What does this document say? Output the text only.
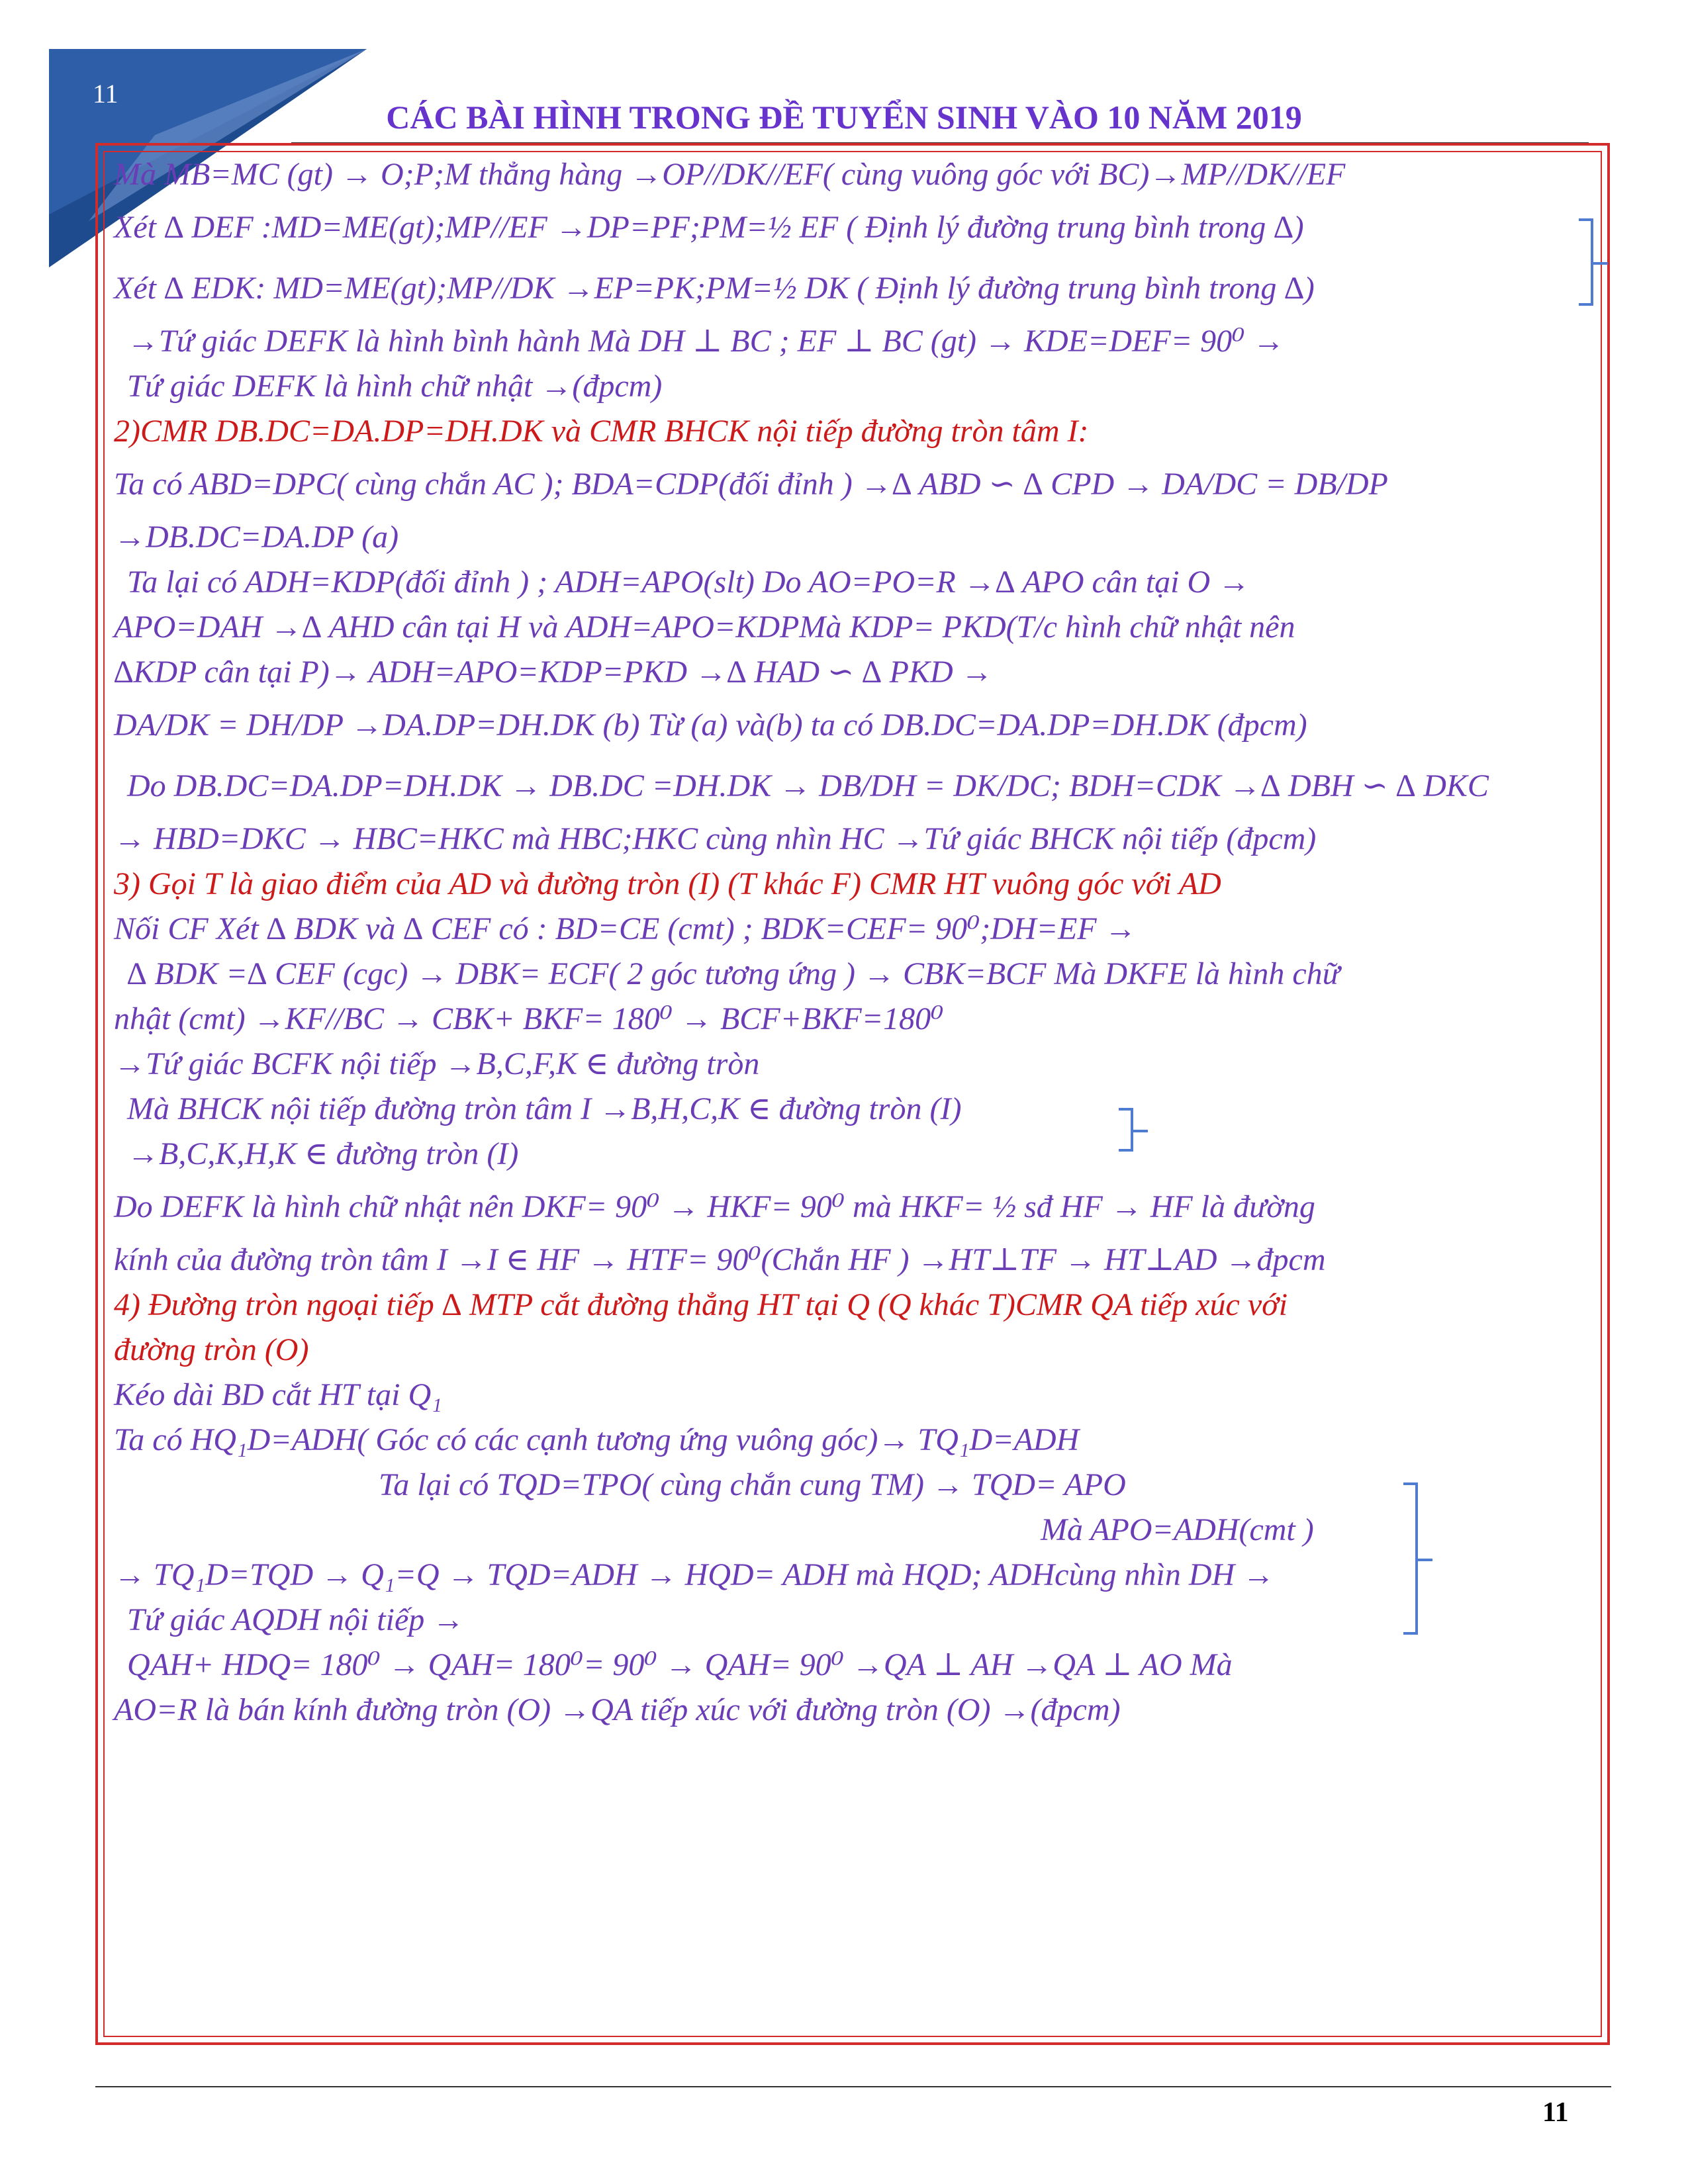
11
CÁC BÀI HÌNH TRONG ĐỀ TUYỂN SINH VÀO 10 NĂM 2019
Mà MB=MC (gt) → O;P;M thẳng hàng →OP//DK//EF( cùng vuông góc với BC)→MP//DK//EF
Xét ∆ DEF :MD=ME(gt);MP//EF →DP=PF;PM=½ EF ( Định lý đường trung bình trong ∆)
Xét ∆ EDK: MD=ME(gt);MP//DK →EP=PK;PM=½ DK ( Định lý đường trung bình trong ∆)
→Tứ giác DEFK là hình bình hành Mà DH ⊥ BC ; EF ⊥ BC (gt) → KDE=DEF= 90⁰ →
Tứ giác DEFK là hình chữ nhật →(đpcm)
2)CMR DB.DC=DA.DP=DH.DK và CMR BHCK nội tiếp đường tròn tâm I:
Ta có ABD=DPC( cùng chắn AC ); BDA=CDP(đối đỉnh ) →∆ ABD ∽ ∆ CPD → DA/DC = DB/DP
→DB.DC=DA.DP (a)
Ta lại có ADH=KDP(đối đỉnh ) ; ADH=APO(slt) Do AO=PO=R →∆ APO cân tại O →
APO=DAH →∆ AHD cân tại H và ADH=APO=KDPMà KDP= PKD(T/c hình chữ nhật nên
∆KDP cân tại P)→ ADH=APO=KDP=PKD →∆ HAD ∽ ∆ PKD →
DA/DK = DH/DP →DA.DP=DH.DK (b) Từ (a) và(b) ta có DB.DC=DA.DP=DH.DK (đpcm)
Do DB.DC=DA.DP=DH.DK → DB.DC =DH.DK → DB/DH = DK/DC; BDH=CDK →∆ DBH ∽ ∆ DKC
→ HBD=DKC → HBC=HKC mà HBC;HKC cùng nhìn HC →Tứ giác BHCK nội tiếp (đpcm)
3) Gọi T là giao điểm của AD và đường tròn (I) (T khác F) CMR HT vuông góc với AD
Nối CF Xét ∆ BDK và ∆ CEF có : BD=CE (cmt) ; BDK=CEF= 90⁰;DH=EF →
∆ BDK =∆ CEF (cgc) → DBK= ECF( 2 góc tương ứng ) → CBK=BCF Mà DKFE là hình chữ
nhật (cmt) →KF//BC → CBK+ BKF= 180⁰ → BCF+BKF=180⁰
→Tứ giác BCFK nội tiếp →B,C,F,K ∈ đường tròn
Mà BHCK nội tiếp đường tròn tâm I →B,H,C,K ∈ đường tròn (I)
→B,C,K,H,K ∈ đường tròn (I)
Do DEFK là hình chữ nhật nên DKF= 90⁰ → HKF= 90⁰ mà HKF= ½ sđ HF → HF là đường
kính của đường tròn tâm I →I ∈ HF → HTF= 90⁰(Chắn HF ) →HT⊥TF → HT⊥AD →đpcm
4) Đường tròn ngoại tiếp ∆ MTP cắt đường thẳng HT tại Q (Q khác T)CMR QA tiếp xúc với
đường tròn (O)
Kéo dài BD cắt HT tại Q₁
Ta có HQ₁D=ADH( Góc có các cạnh tương ứng vuông góc)→ TQ₁D=ADH
Ta lại có TQD=TPO( cùng chắn cung TM) → TQD= APO
Mà APO=ADH(cmt )
→ TQ₁D=TQD → Q₁=Q → TQD=ADH → HQD= ADH mà HQD; ADHcùng nhìn DH →
Tứ giác AQDH nội tiếp →
QAH+ HDQ= 180⁰ → QAH= 180⁰= 90⁰ → QAH= 90⁰ →QA ⊥ AH →QA ⊥ AO Mà
AO=R là bán kính đường tròn (O) →QA tiếp xúc với đường tròn (O) →(đpcm)
11
